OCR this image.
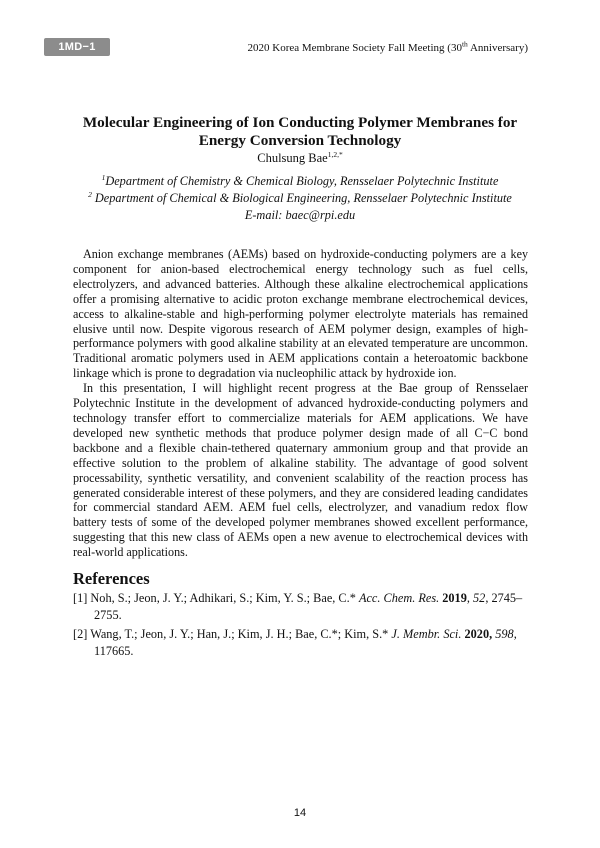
1MD−1	2020 Korea Membrane Society Fall Meeting (30th Anniversary)
Molecular Engineering of Ion Conducting Polymer Membranes for Energy Conversion Technology
Chulsung Bae$^{1,2,*}$
$^1$Department of Chemistry & Chemical Biology, Rensselaer Polytechnic Institute
$^2$ Department of Chemical & Biological Engineering, Rensselaer Polytechnic Institute
E-mail: baec@rpi.edu

Anion exchange membranes (AEMs) based on hydroxide-conducting polymers are a key component for anion-based electrochemical energy technology such as fuel cells, electrolyzers, and advanced batteries. Although these alkaline electrochemical applications offer a promising alternative to acidic proton exchange membrane electrochemical devices, access to alkaline-stable and high-performing polymer electrolyte materials has remained elusive until now. Despite vigorous research of AEM polymer design, examples of high-performance polymers with good alkaline stability at an elevated temperature are uncommon. Traditional aromatic polymers used in AEM applications contain a heteroatomic backbone linkage which is prone to degradation via nucleophilic attack by hydroxide ion.

In this presentation, I will highlight recent progress at the Bae group of Rensselaer Polytechnic Institute in the development of advanced hydroxide-conducting polymers and technology transfer effort to commercialize materials for AEM applications. We have developed new synthetic methods that produce polymer design made of all C−C bond backbone and a flexible chain-tethered quaternary ammonium group and that provide an effective solution to the problem of alkaline stability. The advantage of good solvent processability, synthetic versatility, and convenient scalability of the reaction process has generated considerable interest of these polymers, and they are considered leading candidates for commercial standard AEM. AEM fuel cells, electrolyzer, and vanadium redox flow battery tests of some of the developed polymer membranes showed excellent performance, suggesting that this new class of AEMs open a new avenue to electrochemical devices with real-world applications.

References
[1] Noh, S.; Jeon, J. Y.; Adhikari, S.; Kim, Y. S.; Bae, C.* Acc. Chem. Res. 2019, 52, 2745–2755.
[2] Wang, T.; Jeon, J. Y.; Han, J.; Kim, J. H.; Bae, C.*; Kim, S.* J. Membr. Sci. 2020, 598, 117665.
14
